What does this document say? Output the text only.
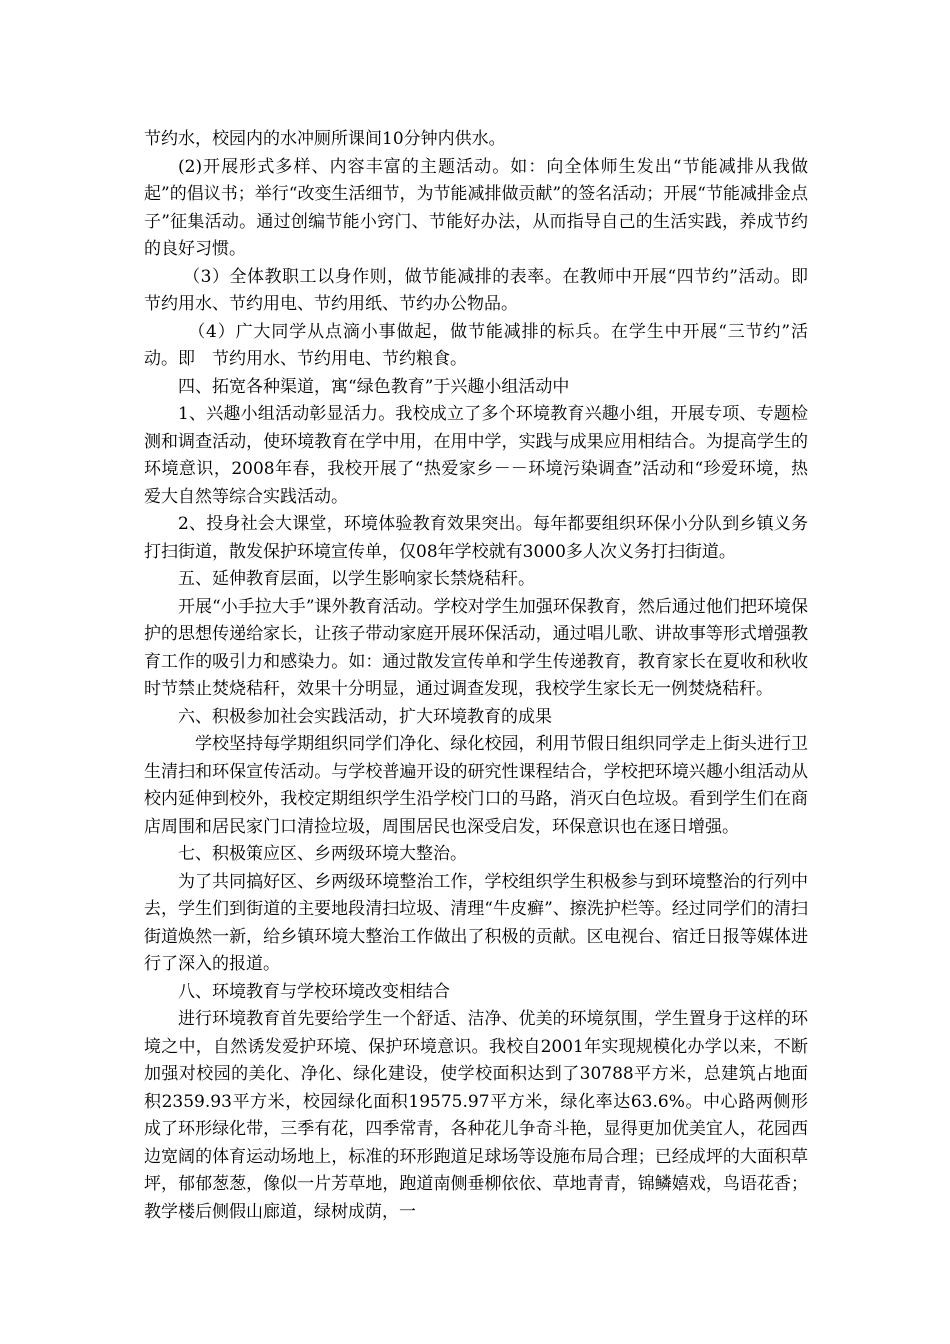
节约水，校园内的水冲厕所课间10分钟内供水。

(2)开展形式多样、内容丰富的主题活动。如：向全体师生发出“节能减排从我做起”的倡议书；举行“改变生活细节，为节能减排做贡献”的签名活动；开展“节能减排金点子”征集活动。通过创编节能小窍门、节能好办法，从而指导自己的生活实践，养成节约的良好习惯。

（3）全体教职工以身作则，做节能减排的表率。在教师中开展“四节约”活动。即　节约用水、节约用电、节约用纸、节约办公物品。

（4）广大同学从点滴小事做起，做节能减排的标兵。在学生中开展“三节约”活动。即　节约用水、节约用电、节约粮食。

四、拓宽各种渠道，寓“绿色教育”于兴趣小组活动中

1、兴趣小组活动彰显活力。我校成立了多个环境教育兴趣小组，开展专项、专题检测和调查活动，使环境教育在学中用，在用中学，实践与成果应用相结合。为提高学生的环境意识，2008年春，我校开展了“热爱家乡－－环境污染调查”活动和“珍爱环境，热爱大自然等综合实践活动。

2、投身社会大课堂，环境体验教育效果突出。每年都要组织环保小分队到乡镇义务打扫街道，散发保护环境宣传单，仅08年学校就有3000多人次义务打扫街道。

五、延伸教育层面，以学生影响家长禁烧秸秆。

开展“小手拉大手”课外教育活动。学校对学生加强环保教育，然后通过他们把环境保护的思想传递给家长，让孩子带动家庭开展环保活动，通过唱儿歌、讲故事等形式增强教育工作的吸引力和感染力。如：通过散发宣传单和学生传递教育，教育家长在夏收和秋收时节禁止焚烧秸秆，效果十分明显，通过调查发现，我校学生家长无一例焚烧秸秆。

六、积极参加社会实践活动，扩大环境教育的成果

学校坚持每学期组织同学们净化、绿化校园，利用节假日组织同学走上街头进行卫生清扫和环保宣传活动。与学校普遍开设的研究性课程结合，学校把环境兴趣小组活动从校内延伸到校外，我校定期组织学生沿学校门口的马路，消灭白色垃圾。看到学生们在商店周围和居民家门口清捡垃圾，周围居民也深受启发，环保意识也在逐日增强。

七、积极策应区、乡两级环境大整治。

为了共同搞好区、乡两级环境整治工作，学校组织学生积极参与到环境整治的行列中去，学生们到街道的主要地段清扫垃圾、清理“牛皮癣”、擦洗护栏等。经过同学们的清扫街道焕然一新，给乡镇环境大整治工作做出了积极的贡献。区电视台、宿迁日报等媒体进行了深入的报道。

八、环境教育与学校环境改变相结合

进行环境教育首先要给学生一个舒适、洁净、优美的环境氛围，学生置身于这样的环境之中，自然诱发爱护环境、保护环境意识。我校自2001年实现规模化办学以来，不断加强对校园的美化、净化、绿化建设，使学校面积达到了30788平方米，总建筑占地面积2359.93平方米，校园绿化面积19575.97平方米，绿化率达63.6%。中心路两侧形成了环形绿化带，三季有花，四季常青，各种花儿争奇斗艳，显得更加优美宜人，花园西边宽阔的体育运动场地上，标准的环形跑道足球场等设施布局合理；已经成坪的大面积草坪，郁郁葱葱，像似一片芳草地，跑道南侧垂柳依依、草地青青，锦鳞嬉戏，鸟语花香；教学楼后侧假山廊道，绿树成荫，一
